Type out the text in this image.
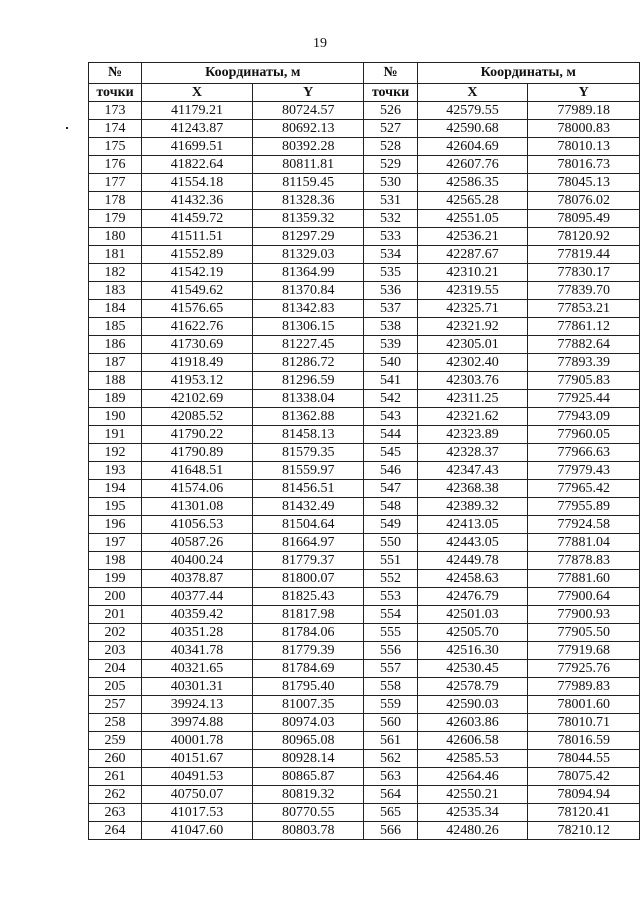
19
№	Координаты, м		№	Координаты, м	
точки	X	Y	точки	X	Y
173	41179.21	80724.57	526	42579.55	77989.18
174	41243.87	80692.13	527	42590.68	78000.83
175	41699.51	80392.28	528	42604.69	78010.13
176	41822.64	80811.81	529	42607.76	78016.73
177	41554.18	81159.45	530	42586.35	78045.13
178	41432.36	81328.36	531	42565.28	78076.02
179	41459.72	81359.32	532	42551.05	78095.49
180	41511.51	81297.29	533	42536.21	78120.92
181	41552.89	81329.03	534	42287.67	77819.44
182	41542.19	81364.99	535	42310.21	77830.17
183	41549.62	81370.84	536	42319.55	77839.70
184	41576.65	81342.83	537	42325.71	77853.21
185	41622.76	81306.15	538	42321.92	77861.12
186	41730.69	81227.45	539	42305.01	77882.64
187	41918.49	81286.72	540	42302.40	77893.39
188	41953.12	81296.59	541	42303.76	77905.83
189	42102.69	81338.04	542	42311.25	77925.44
190	42085.52	81362.88	543	42321.62	77943.09
191	41790.22	81458.13	544	42323.89	77960.05
192	41790.89	81579.35	545	42328.37	77966.63
193	41648.51	81559.97	546	42347.43	77979.43
194	41574.06	81456.51	547	42368.38	77965.42
195	41301.08	81432.49	548	42389.32	77955.89
196	41056.53	81504.64	549	42413.05	77924.58
197	40587.26	81664.97	550	42443.05	77881.04
198	40400.24	81779.37	551	42449.78	77878.83
199	40378.87	81800.07	552	42458.63	77881.60
200	40377.44	81825.43	553	42476.79	77900.64
201	40359.42	81817.98	554	42501.03	77900.93
202	40351.28	81784.06	555	42505.70	77905.50
203	40341.78	81779.39	556	42516.30	77919.68
204	40321.65	81784.69	557	42530.45	77925.76
205	40301.31	81795.40	558	42578.79	77989.83
257	39924.13	81007.35	559	42590.03	78001.60
258	39974.88	80974.03	560	42603.86	78010.71
259	40001.78	80965.08	561	42606.58	78016.59
260	40151.67	80928.14	562	42585.53	78044.55
261	40491.53	80865.87	563	42564.46	78075.42
262	40750.07	80819.32	564	42550.21	78094.94
263	41017.53	80770.55	565	42535.34	78120.41
264	41047.60	80803.78	566	42480.26	78210.12
